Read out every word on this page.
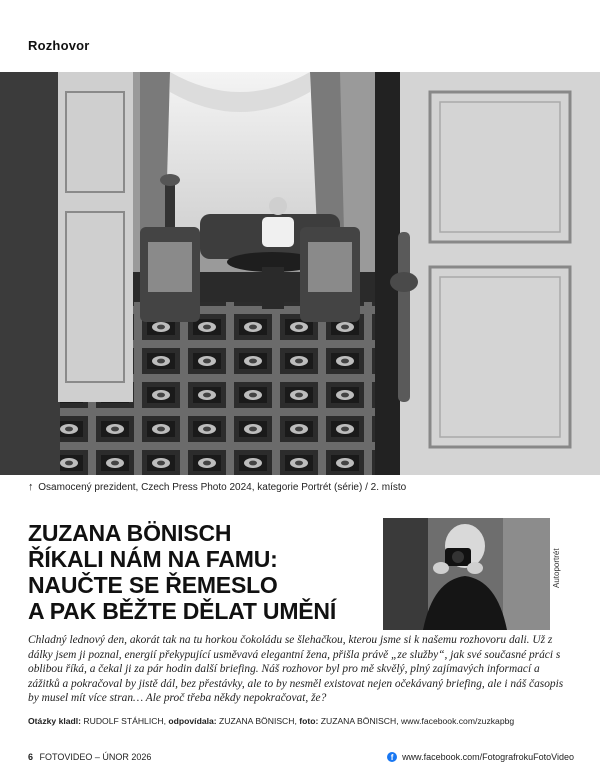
Rozhovor
↑ Osamocený prezident, Czech Press Photo 2024, kategorie Portrét (série) / 2. místo
ZUZANA BÖNISCH
ŘÍKALI NÁM NA FAMU:
NAUČTE SE ŘEMESLO
A PAK BĚŽTE DĚLAT UMĚNÍ
Autoportrét
Chladný lednový den, akorát tak na tu horkou čokoládu se šlehačkou, kterou jsme si k našemu rozhovoru dali. Už z dálky jsem ji poznal, energií překypující usměvavá elegantní žena, přišla právě „ze služby“, jak své současné práci s oblibou říká, a čekal ji za pár hodin další briefing. Náš rozhovor byl pro mě skvělý, plný zajímavých informací a zážitků a pokračoval by jistě dál, bez přestávky, ale to by nesměl existovat nejen očekávaný briefing, ale i náš časopis by musel mít více stran… Ale proč třeba někdy nepokračovat, že?
Otázky kladl: RUDOLF STÁHLICH, odpovídala: ZUZANA BÖNISCH, foto: ZUZANA BÖNISCH, www.facebook.com/zuzkapbg
6 FOTOVIDEO – ÚNOR 2026	f www.facebook.com/FotografrokuFotoVideo
